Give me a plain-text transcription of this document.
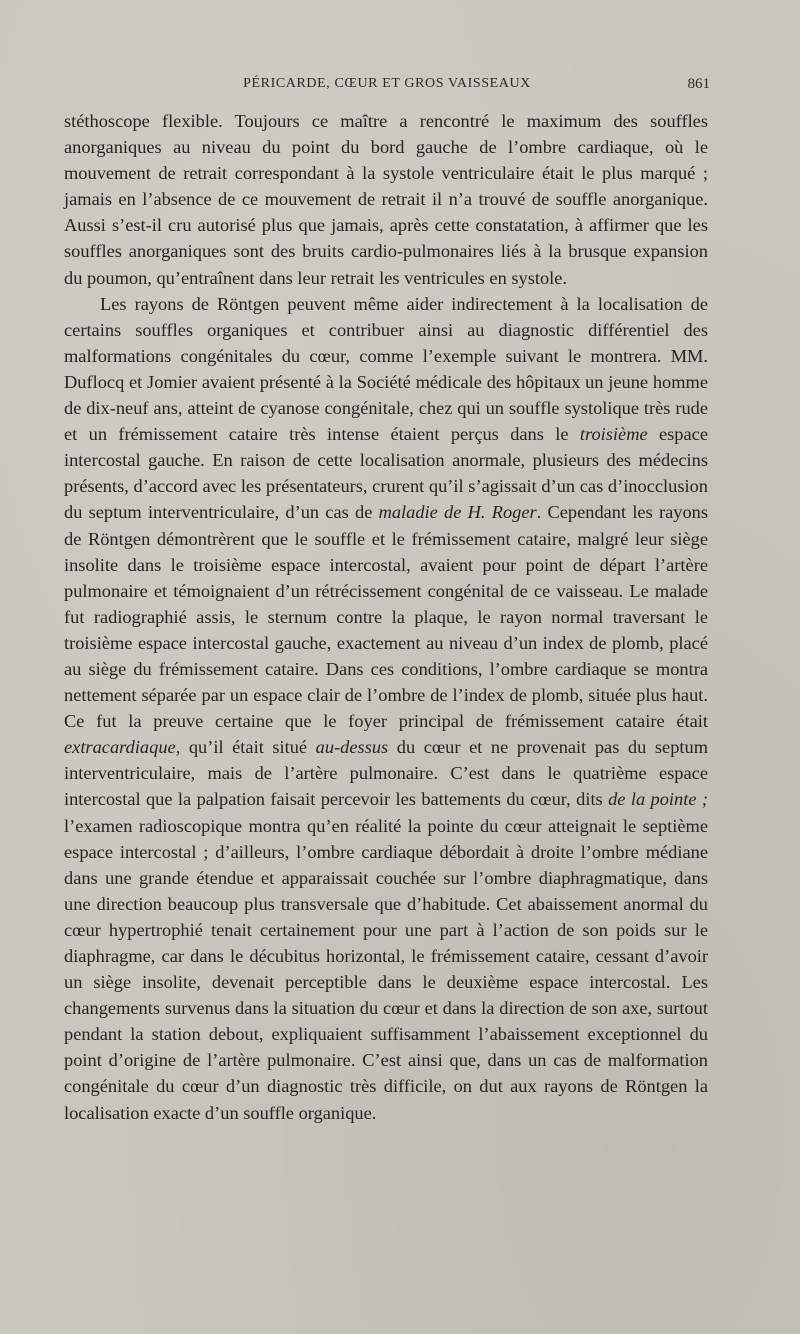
PÉRICARDE, CŒUR ET GROS VAISSEAUX	861

stéthoscope flexible. Toujours ce maître a rencontré le maximum des souffles anorganiques au niveau du point du bord gauche de l’ombre cardiaque, où le mouvement de retrait correspondant à la systole ventriculaire était le plus marqué ; jamais en l’absence de ce mouvement de retrait il n’a trouvé de souffle anorganique. Aussi s’est-il cru autorisé plus que jamais, après cette constatation, à affirmer que les souffles anorganiques sont des bruits cardio-pulmonaires liés à la brusque expansion du poumon, qu’entraînent dans leur retrait les ventricules en systole.

Les rayons de Röntgen peuvent même aider indirectement à la localisation de certains souffles organiques et contribuer ainsi au diagnostic différentiel des malformations congénitales du cœur, comme l’exemple suivant le montrera. MM. Duflocq et Jomier avaient présenté à la Société médicale des hôpitaux un jeune homme de dix-neuf ans, atteint de cyanose congénitale, chez qui un souffle systolique très rude et un frémissement cataire très intense étaient perçus dans le troisième espace intercostal gauche. En raison de cette localisation anormale, plusieurs des médecins présents, d’accord avec les présentateurs, crurent qu’il s’agissait d’un cas d’inocclusion du septum interventriculaire, d’un cas de maladie de H. Roger. Cependant les rayons de Röntgen démontrèrent que le souffle et le frémissement cataire, malgré leur siège insolite dans le troisième espace intercostal, avaient pour point de départ l’artère pulmonaire et témoignaient d’un rétrécissement congénital de ce vaisseau. Le malade fut radiographié assis, le sternum contre la plaque, le rayon normal traversant le troisième espace intercostal gauche, exactement au niveau d’un index de plomb, placé au siège du frémissement cataire. Dans ces conditions, l’ombre cardiaque se montra nettement séparée par un espace clair de l’ombre de l’index de plomb, située plus haut. Ce fut la preuve certaine que le foyer principal de frémissement cataire était extracardiaque, qu’il était situé au-dessus du cœur et ne provenait pas du septum interventriculaire, mais de l’artère pulmonaire. C’est dans le quatrième espace intercostal que la palpation faisait percevoir les battements du cœur, dits de la pointe ; l’examen radioscopique montra qu’en réalité la pointe du cœur atteignait le septième espace intercostal ; d’ailleurs, l’ombre cardiaque débordait à droite l’ombre médiane dans une grande étendue et apparaissait couchée sur l’ombre diaphragmatique, dans une direction beaucoup plus transversale que d’habitude. Cet abaissement anormal du cœur hypertrophié tenait certainement pour une part à l’action de son poids sur le diaphragme, car dans le décubitus horizontal, le frémissement cataire, cessant d’avoir un siège insolite, devenait perceptible dans le deuxième espace intercostal. Les changements survenus dans la situation du cœur et dans la direction de son axe, surtout pendant la station debout, expliquaient suffisamment l’abaissement exceptionnel du point d’origine de l’artère pulmonaire. C’est ainsi que, dans un cas de malformation congénitale du cœur d’un diagnostic très difficile, on dut aux rayons de Röntgen la localisation exacte d’un souffle organique.
